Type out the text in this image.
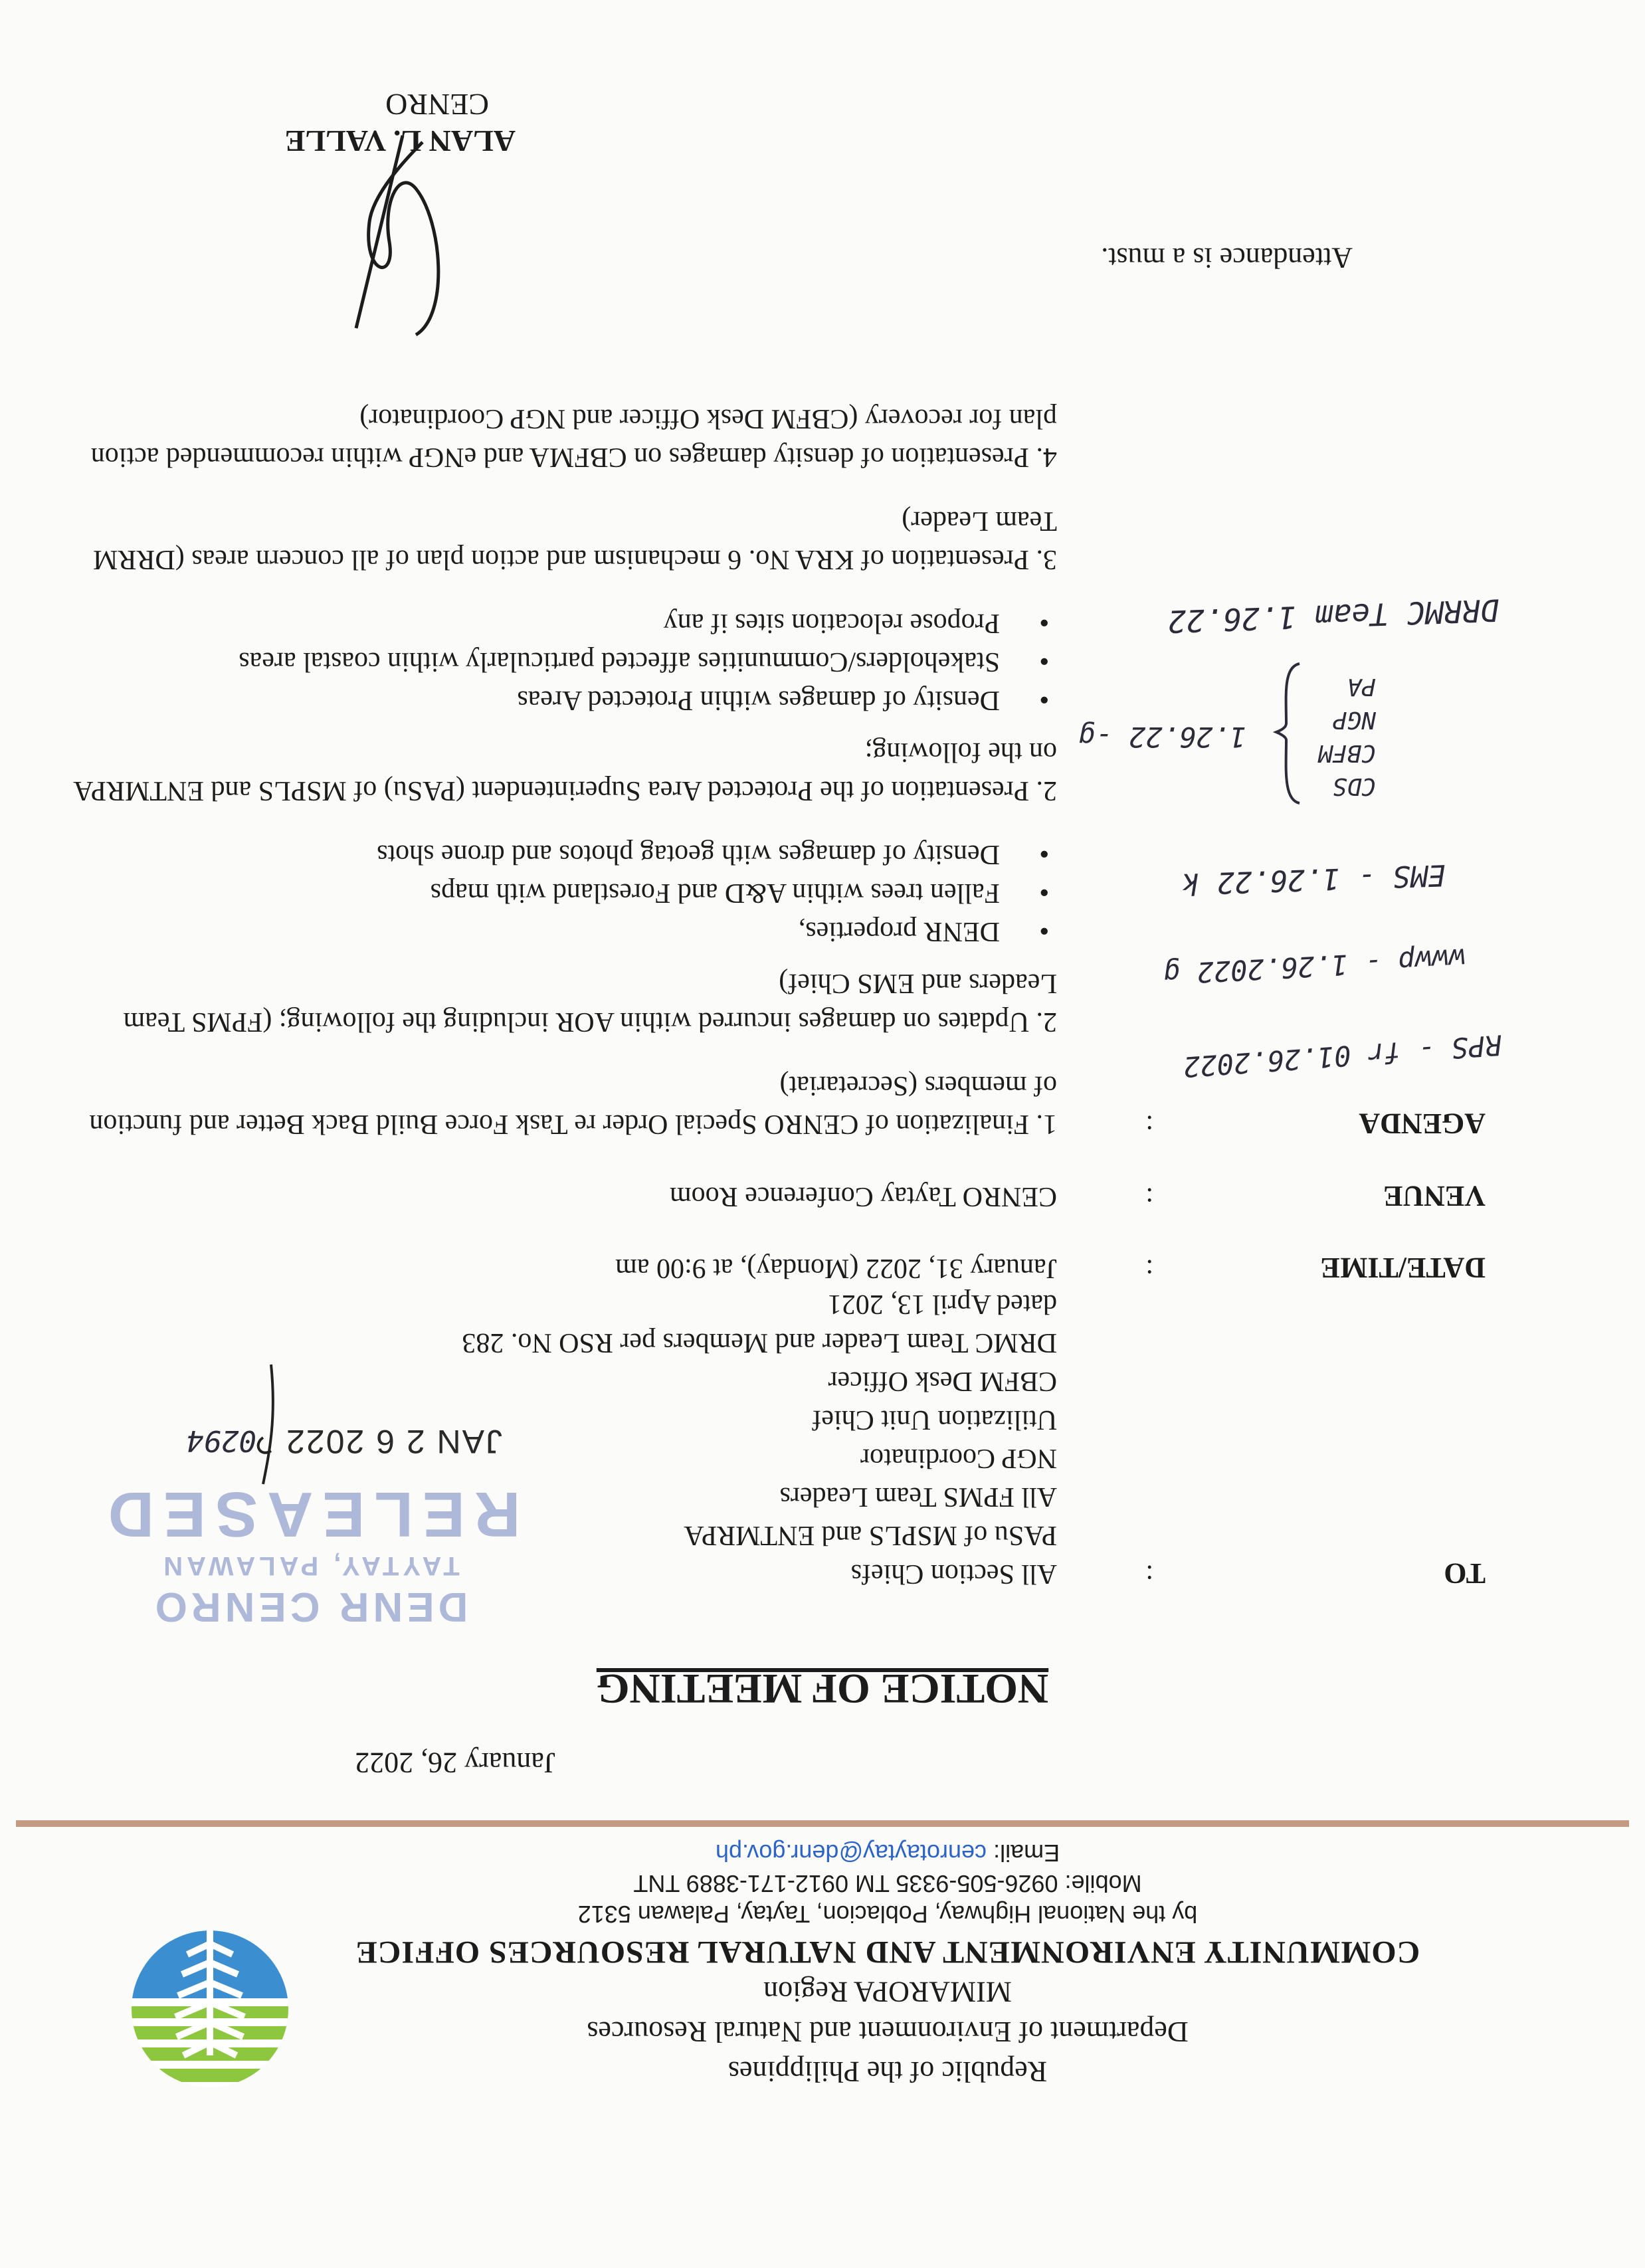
Republic of the Philippines
Department of Environment and Natural Resources
MIMAROPA Region
COMMUNITY ENVIRONMENT AND NATURAL RESOURCES OFFICE
by the National Highway, Poblacion, Taytay, Palawan 5312
Mobile: 0926-505-9335 TM 0912-171-3889 TNT
Email: cenrotaytay@denr.gov.ph
January 26, 2022
NOTICE OF MEETING
DENR CENRO
TAYTAY, PALAWAN
RELEASED
JAN 2 6 2022
0294
TO
:
All Section Chiefs
PASu of MSPLS and ENTMRPA
All FPMS Team Leaders
NGP Coordinator
Utilization Unit Chief
CBFM Desk Officer
DRMC Team Leader and Members per RSO No. 283
dated April 13, 2021
DATE/TIME
:
January 31, 2022 (Monday), at 9:00 am
VENUE
:
CENRO Taytay Conference Room
AGENDA
:
1. Finalization of CENRO Special Order re Task Force Build Back Better and function of members (Secretariat)
2. Updates on damages incurred within AOR including the following; (FPMS Team Leaders and EMS Chief)
● DENR properties,
● Fallen trees within A&D and Forestland with maps
● Density of damages with geotag photos and drone shots
2. Presentation of the Protected Area Superintendent (PASu) of MSPLS and ENTMRPA on the following;
● Density of damages within Protected Areas
● Stakeholders/Communities affected particularly within coastal areas
● Propose relocation sites if any
3. Presentation of KRA No. 6 mechanism and action plan of all concern areas (DRRM Team Leader)
4. Presentation of density damages on CBFMA and eNGP within recommended action plan for recovery (CBFM Desk Officer and NGP Coordinator)
RPS - fr 01.26.2022
wwwp - 1.26.2022 g
EMS - 1.26.22 k
CDS
CBFM
NGP
PA
1.26.22 -g
DRRMC Team 1.26.22
Attendance is a must.
ALAN L. VALLE
CENRO
